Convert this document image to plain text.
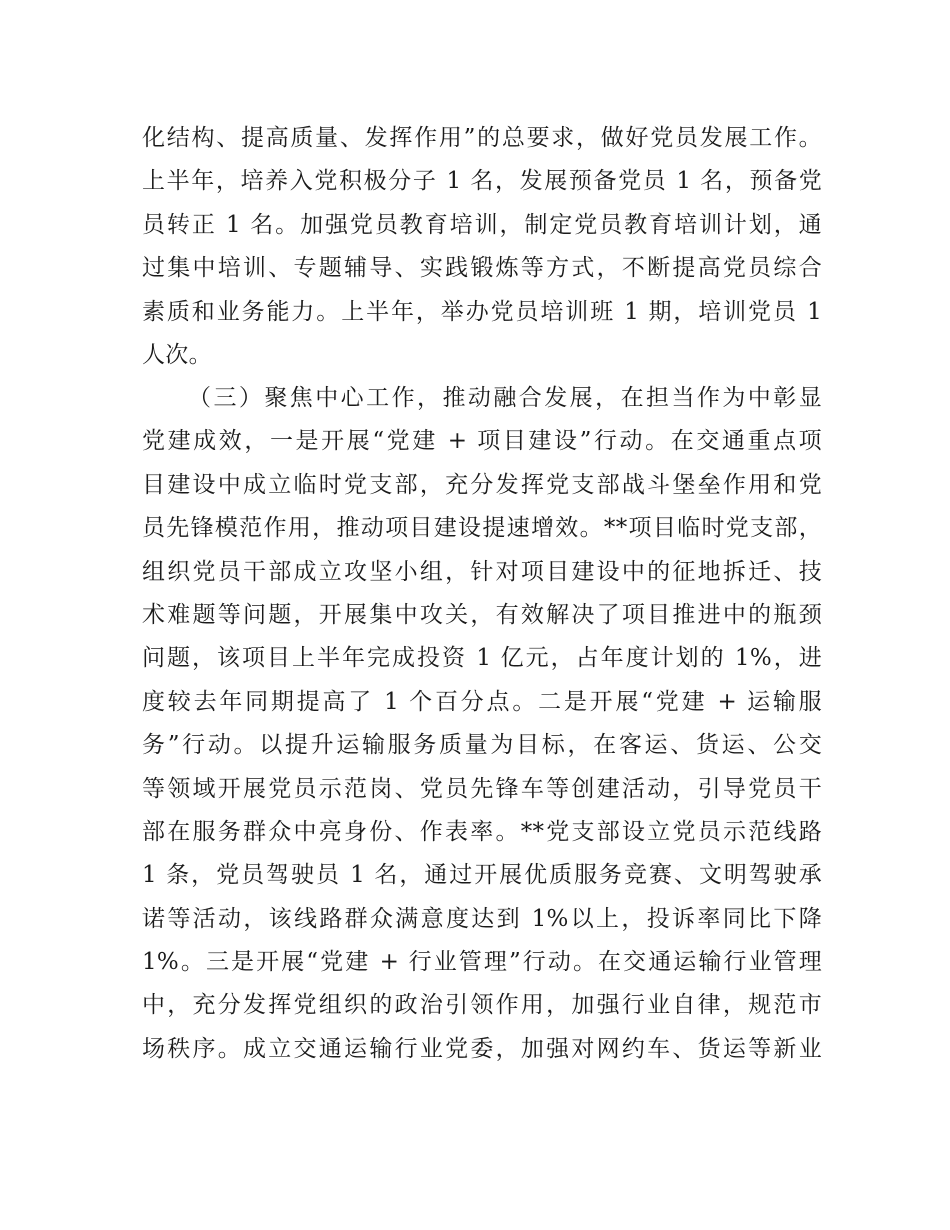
化结构、提高质量、发挥作用”的总要求，做好党员发展工作。
上半年，培养入党积极分子 1 名，发展预备党员 1 名，预备党
员转正 1 名。加强党员教育培训，制定党员教育培训计划，通
过集中培训、专题辅导、实践锻炼等方式，不断提高党员综合
素质和业务能力。上半年，举办党员培训班 1 期，培训党员 1
人次。
（三）聚焦中心工作，推动融合发展，在担当作为中彰显
党建成效，一是开展“党建 + 项目建设”行动。在交通重点项
目建设中成立临时党支部，充分发挥党支部战斗堡垒作用和党
员先锋模范作用，推动项目建设提速增效。**项目临时党支部，
组织党员干部成立攻坚小组，针对项目建设中的征地拆迁、技
术难题等问题，开展集中攻关，有效解决了项目推进中的瓶颈
问题，该项目上半年完成投资 1 亿元，占年度计划的 1%，进
度较去年同期提高了 1 个百分点。二是开展“党建 + 运输服
务”行动。以提升运输服务质量为目标，在客运、货运、公交
等领域开展党员示范岗、党员先锋车等创建活动，引导党员干
部在服务群众中亮身份、作表率。**党支部设立党员示范线路
1 条，党员驾驶员 1 名，通过开展优质服务竞赛、文明驾驶承
诺等活动，该线路群众满意度达到 1%以上，投诉率同比下降
1%。三是开展“党建 + 行业管理”行动。在交通运输行业管理
中，充分发挥党组织的政治引领作用，加强行业自律，规范市
场秩序。成立交通运输行业党委，加强对网约车、货运等新业
